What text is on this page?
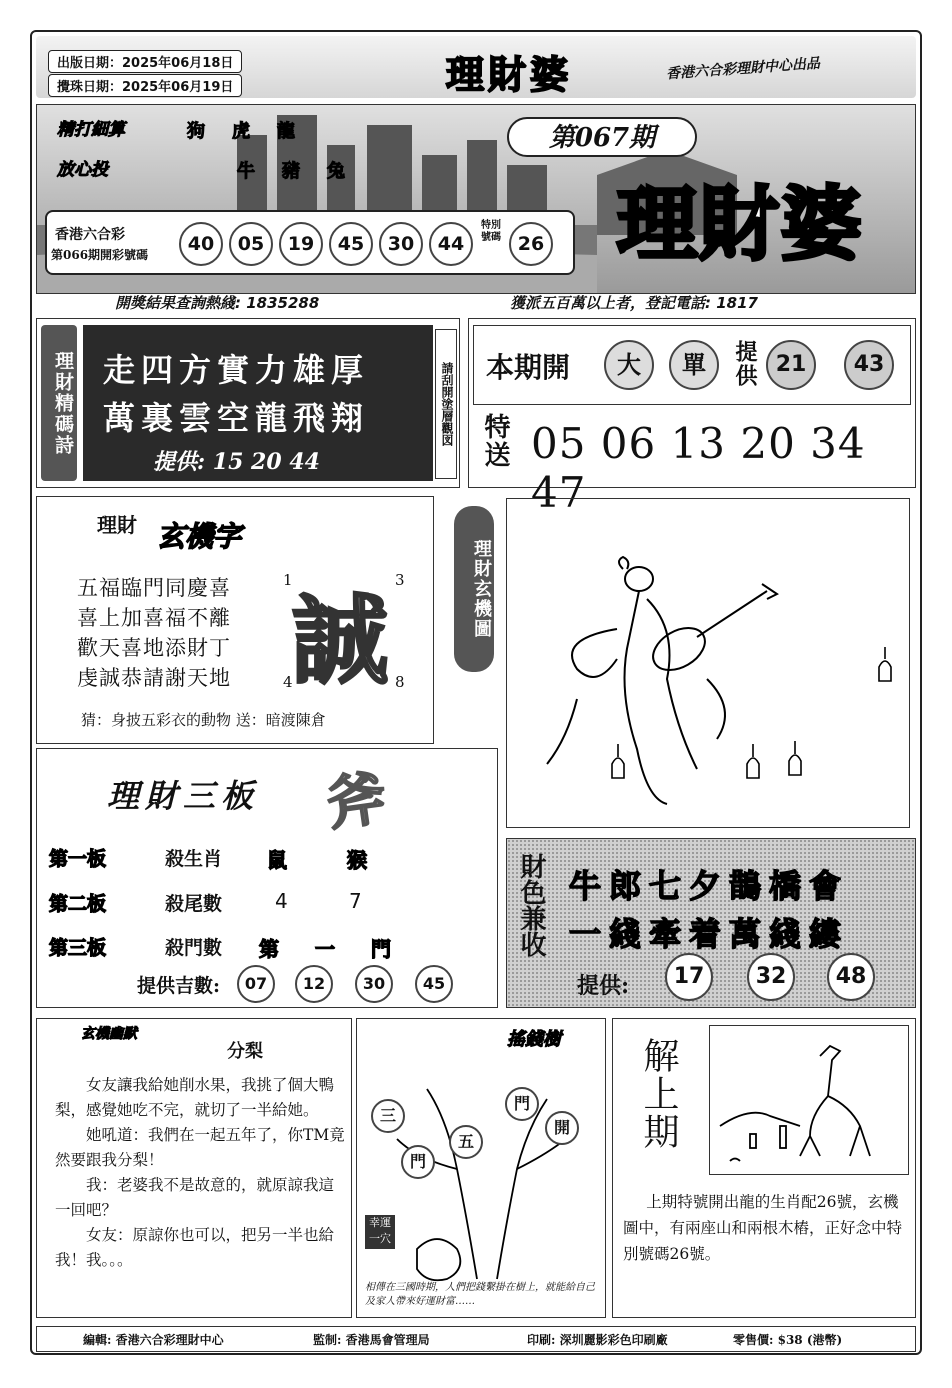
出版日期：2025年06月18日
攪珠日期：2025年06月19日	理財婆	香港六合彩理財中心出品
精打細算	狗 虎 龍
放心投	牛 豬 兔
第067期
理財婆
香港六合彩
第066期開彩號碼	40	05	19	45	30	44
特別號碼 26
開獎結果查詢熱綫: 1835288	獲派五百萬以上者，登記電話: 1817
理財精碼詩 走四方實力雄厚
萬裏雲空龍飛翔
提供: 15 20 44
請刮開塗層觀図 本期開	大	單	提供 21	43
特送 05 06 13 20 34 47
理財 玄機字
五福臨門同慶喜
喜上加喜福不離
歡天喜地添財丁
虔誠恭請謝天地
1	3
4	8
誠
猜：身披五彩衣的動物 送：暗渡陳倉
理財玄機圖
理財三板 斧
第一板	殺生肖 鼠	猴
第二板	殺尾數	4	7
第三板	殺門數 第 一 門
提供吉數:	07	12	30	45
財色兼收 牛郎七夕鵲橋會
一綫牽着萬綫縷
提供:	17	32	48
玄機幽默
分梨

女友讓我給她削水果，我挑了個大鴨梨，感覺她吃不完，就切了一半給她。

她吼道：我們在一起五年了，你TM竟然要跟我分梨！

我：老婆我不是故意的，就原諒我這一回吧？

女友：原諒你也可以，把另一半也給我！我。。。

搖錢樹
三
門
五
門
開
幸運一穴
相傳在三國時期，人們把錢繫掛在樹上，就能給自己及家人帶來好運財富……
解上期
上期特號開出龍的生肖配26號，玄機圖中，有兩座山和兩根木樁，正好念中特別號碼26號。
編輯: 香港六合彩理財中心	監制: 香港馬會管理局	印刷: 深圳麗影彩色印刷廠	零售價: $38 (港幣)
